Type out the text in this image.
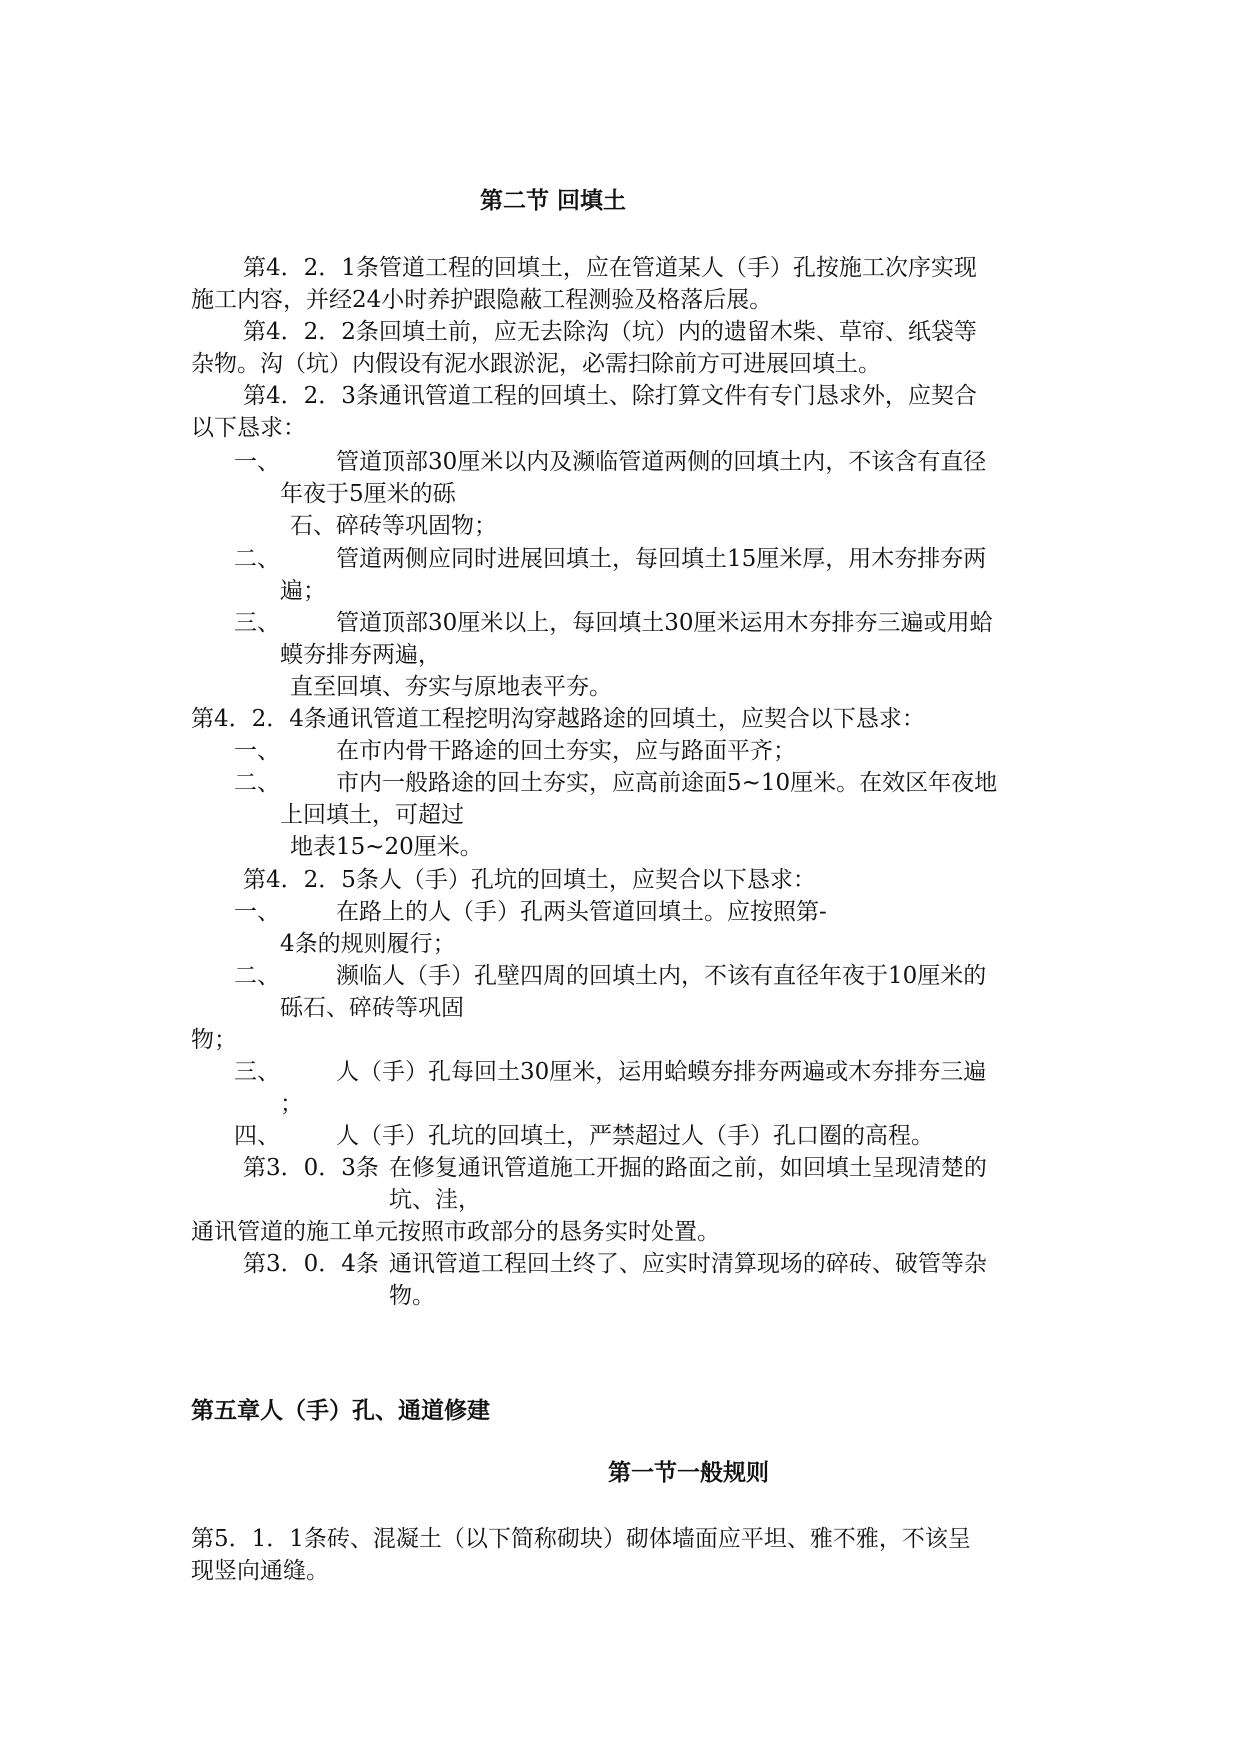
第二节 回填土
第4．2．1条管道工程的回填土，应在管道某人（手）孔按施工次序实现
施工内容，并经24小时养护跟隐蔽工程测验及格落后展。
第4．2．2条回填土前，应无去除沟（坑）内的遗留木柴、草帘、纸袋等
杂物。沟（坑）内假设有泥水跟淤泥，必需扫除前方可进展回填土。
第4．2．3条通讯管道工程的回填土、除打算文件有专门恳求外，应契合
以下恳求：
一、 管道顶部30厘米以内及濒临管道两侧的回填土内，不该含有直径
年夜于5厘米的砾
石、碎砖等巩固物；
二、 管道两侧应同时进展回填土，每回填土15厘米厚，用木夯排夯两
遍；
三、 管道顶部30厘米以上，每回填土30厘米运用木夯排夯三遍或用蛤
蟆夯排夯两遍，
直至回填、夯实与原地表平夯。
第4．2．4条通讯管道工程挖明沟穿越路途的回填土，应契合以下恳求：
一、 在市内骨干路途的回土夯实，应与路面平齐；
二、 市内一般路途的回土夯实，应高前途面5~10厘米。在效区年夜地
上回填土，可超过
地表15~20厘米。
第4．2．5条人（手）孔坑的回填土，应契合以下恳求：
一、 在路上的人（手）孔两头管道回填土。应按照第-
4条的规则履行；
二、 濒临人（手）孔壁四周的回填土内，不该有直径年夜于10厘米的
砾石、碎砖等巩固
物；
三、 人（手）孔每回土30厘米，运用蛤蟆夯排夯两遍或木夯排夯三遍
；
四、 人（手）孔坑的回填土，严禁超过人（手）孔口圈的高程。
第3．0．3条 在修复通讯管道施工开掘的路面之前，如回填土呈现清楚的
坑、洼，
通讯管道的施工单元按照市政部分的恳务实时处置。
第3．0．4条 通讯管道工程回土终了、应实时清算现场的碎砖、破管等杂
物。
第五章人（手）孔、通道修建
第一节一般规则
第5．1．1条砖、混凝土（以下简称砌块）砌体墙面应平坦、雅不雅，不该呈
现竖向通缝。
